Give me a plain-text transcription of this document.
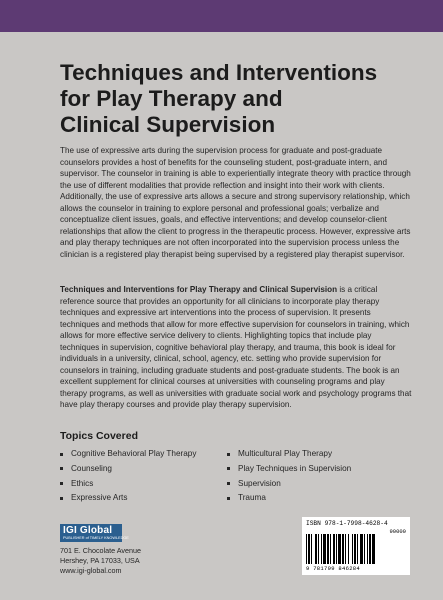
Techniques and Interventions
for Play Therapy and
Clinical Supervision

The use of expressive arts during the supervision process for graduate and post-graduate counselors provides a host of benefits for the counseling student, post-graduate intern, and supervisor. The counselor in training is able to experientially integrate theory with practice through the use of different modalities that provide reflection and insight into their work with clients. Additionally, the use of expressive arts allows a secure and strong supervisory relationship, which allows the counselor in training to explore personal and professional goals; verbalize and conceptualize client issues, goals, and effective interventions; and develop counselor-client relationships that allow the client to progress in the therapeutic process. However, expressive arts and play therapy techniques are not often incorporated into the supervision process unless the clinician is a registered play therapist being supervised by a registered play therapist supervisor.

Techniques and Interventions for Play Therapy and Clinical Supervision is a critical reference source that provides an opportunity for all clinicians to incorporate play therapy techniques and expressive art interventions into the process of supervision. It presents techniques and methods that allow for more effective supervision for counselors in training, which allows for more effective service delivery to clients. Highlighting topics that include play techniques in supervision, cognitive behavioral play therapy, and trauma, this book is ideal for individuals in a university, clinical, school, agency, etc. setting who provide supervision for counselors in training, including graduate students and post-graduate students. The book is an excellent supplement for clinical courses at universities with counseling programs and play therapy programs, as well as universities with graduate social work and psychology programs that have play therapy courses and provide play therapy supervision.

Topics Covered
Cognitive Behavioral Play Therapy
Counseling
Ethics
Expressive Arts
Multicultural Play Therapy
Play Techniques in Supervision
Supervision
Trauma
IGI Global
PUBLISHER of TIMELY KNOWLEDGE
701 E. Chocolate Avenue
Hershey, PA 17033, USA
www.igi-global.com
ISBN 978-1-7998-4628-4
90000
9 781799 846284
